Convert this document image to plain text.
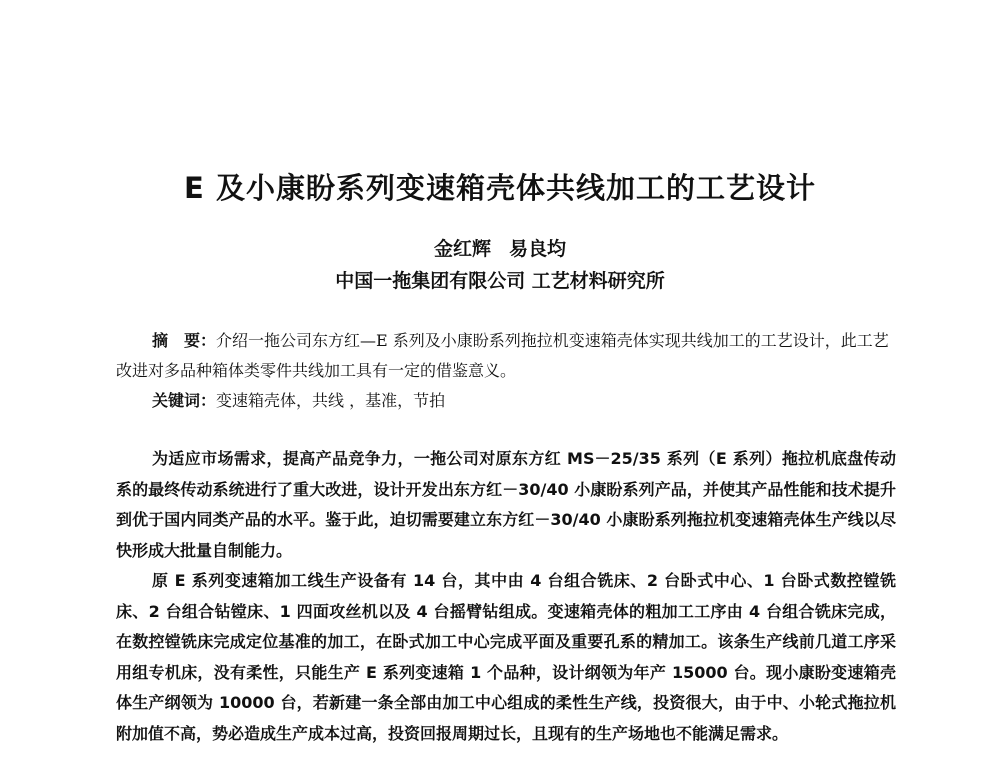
E 及小康盼系列变速箱壳体共线加工的工艺设计
金红辉 易良均
中国一拖集团有限公司 工艺材料研究所
摘　要：介绍一拖公司东方红—E 系列及小康盼系列拖拉机变速箱壳体实现共线加工的工艺设计，此工艺改进对多品种箱体类零件共线加工具有一定的借鉴意义。
关键词：变速箱壳体，共线 ，基准，节拍

为适应市场需求，提高产品竞争力，一拖公司对原东方红 MS－25/35 系列（E 系列）拖拉机底盘传动系的最终传动系统进行了重大改进，设计开发出东方红－30/40 小康盼系列产品，并使其产品性能和技术提升到优于国内同类产品的水平。鉴于此，迫切需要建立东方红－30/40 小康盼系列拖拉机变速箱壳体生产线以尽快形成大批量自制能力。

原 E 系列变速箱加工线生产设备有 14 台，其中由 4 台组合铣床、2 台卧式中心、1 台卧式数控镗铣床、2 台组合钻镗床、1 四面攻丝机以及 4 台摇臂钻组成。变速箱壳体的粗加工工序由 4 台组合铣床完成，在数控镗铣床完成定位基准的加工，在卧式加工中心完成平面及重要孔系的精加工。该条生产线前几道工序采用组专机床，没有柔性，只能生产 E 系列变速箱 1 个品种，设计纲领为年产 15000 台。现小康盼变速箱壳体生产纲领为 10000 台，若新建一条全部由加工中心组成的柔性生产线，投资很大，由于中、小轮式拖拉机附加值不高，势必造成生产成本过高，投资回报周期过长，且现有的生产场地也不能满足需求。
